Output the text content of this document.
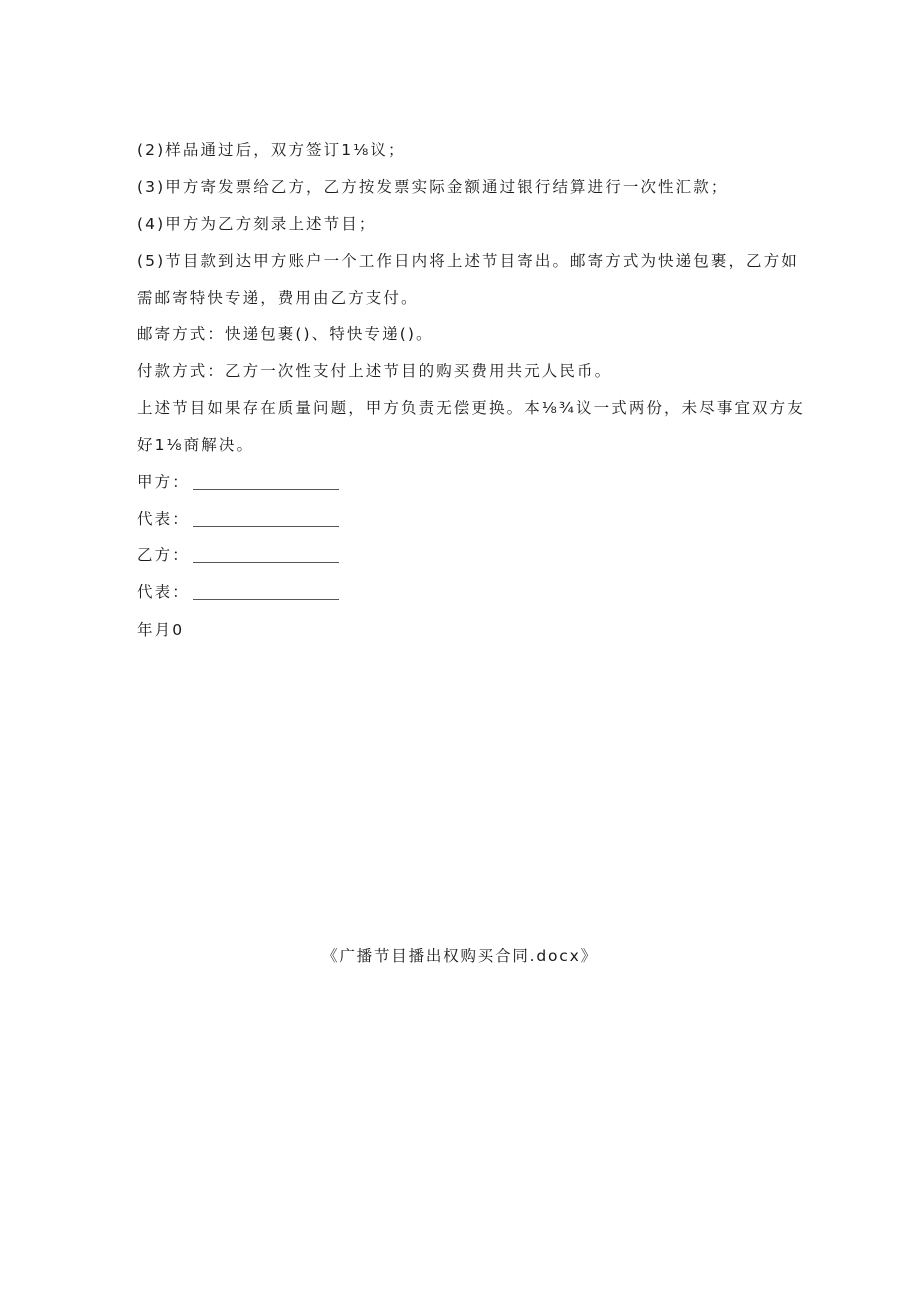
(2)样品通过后，双方签订1⅛议；
(3)甲方寄发票给乙方，乙方按发票实际金额通过银行结算进行一次性汇款；
(4)甲方为乙方刻录上述节目；
(5)节目款到达甲方账户一个工作日内将上述节目寄出。邮寄方式为快递包裹，乙方如
需邮寄特快专递，费用由乙方支付。
邮寄方式：快递包裹()、特快专递()。
付款方式：乙方一次性支付上述节目的购买费用共元人民币。
上述节目如果存在质量问题，甲方负责无偿更换。本⅛¾议一式两份，未尽事宜双方友
好1⅛商解决。
甲方：
代表：
乙方：
代表：
年月0
《广播节目播出权购买合同.docx》
